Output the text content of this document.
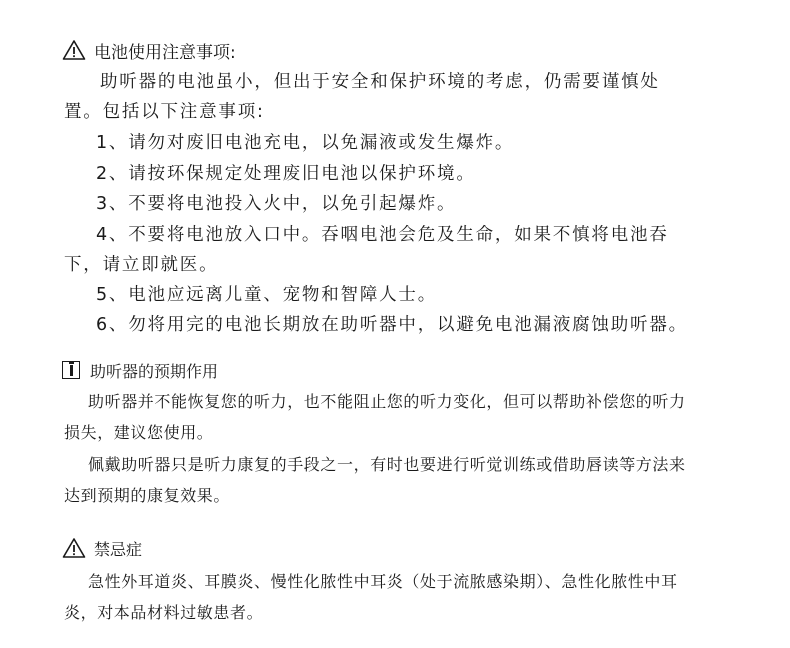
电池使用注意事项:
助听器的电池虽小，但出于安全和保护环境的考虑，仍需要谨慎处
置。包括以下注意事项:
1、请勿对废旧电池充电，以免漏液或发生爆炸。
2、请按环保规定处理废旧电池以保护环境。
3、不要将电池投入火中，以免引起爆炸。
4、不要将电池放入口中。吞咽电池会危及生命，如果不慎将电池吞
下，请立即就医。
5、电池应远离儿童、宠物和智障人士。
6、勿将用完的电池长期放在助听器中，以避免电池漏液腐蚀助听器。
助听器的预期作用
助听器并不能恢复您的听力，也不能阻止您的听力变化，但可以帮助补偿您的听力
损失，建议您使用。
佩戴助听器只是听力康复的手段之一，有时也要进行听觉训练或借助唇读等方法来
达到预期的康复效果。
禁忌症
急性外耳道炎、耳膜炎、慢性化脓性中耳炎（处于流脓感染期）、急性化脓性中耳
炎，对本品材料过敏患者。
